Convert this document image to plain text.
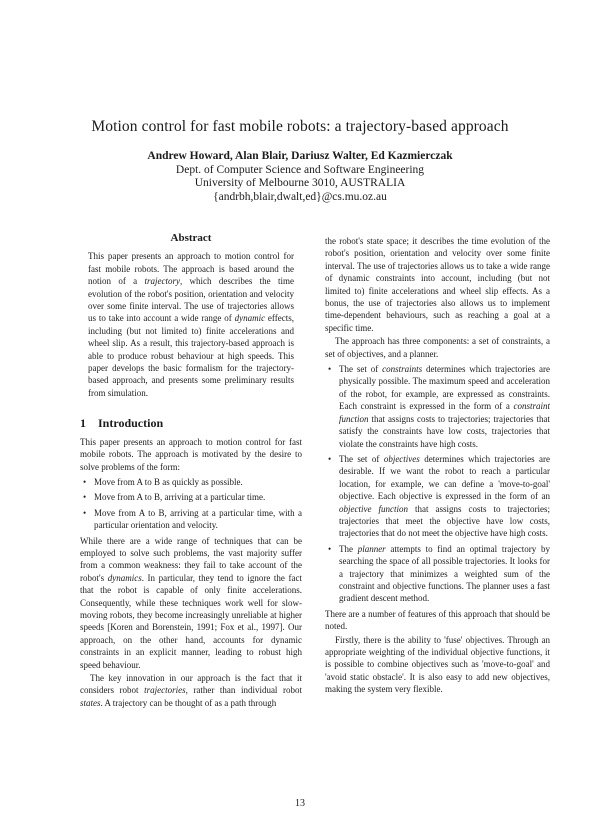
Motion control for fast mobile robots: a trajectory-based approach
Andrew Howard, Alan Blair, Dariusz Walter, Ed Kazmierczak
Dept. of Computer Science and Software Engineering
University of Melbourne 3010, AUSTRALIA
{andrbh,blair,dwalt,ed}@cs.mu.oz.au
Abstract

This paper presents an approach to motion control for fast mobile robots. The approach is based around the notion of a trajectory, which describes the time evolution of the robot's position, orientation and velocity over some finite interval. The use of trajectories allows us to take into account a wide range of dynamic effects, including (but not limited to) finite accelerations and wheel slip. As a result, this trajectory-based approach is able to produce robust behaviour at high speeds. This paper develops the basic formalism for the trajectory-based approach, and presents some preliminary results from simulation.

1 Introduction

This paper presents an approach to motion control for fast mobile robots. The approach is motivated by the desire to solve problems of the form:

• Move from A to B as quickly as possible.
• Move from A to B, arriving at a particular time.
• Move from A to B, arriving at a particular time, with a particular orientation and velocity.

While there are a wide range of techniques that can be employed to solve such problems, the vast majority suffer from a common weakness: they fail to take account of the robot's dynamics. In particular, they tend to ignore the fact that the robot is capable of only finite accelerations. Consequently, while these techniques work well for slow-moving robots, they become increasingly unreliable at higher speeds [Koren and Borenstein, 1991; Fox et al., 1997]. Our approach, on the other hand, accounts for dynamic constraints in an explicit manner, leading to robust high speed behaviour.

The key innovation in our approach is the fact that it considers robot trajectories, rather than individual robot states. A trajectory can be thought of as a path through

the robot's state space; it describes the time evolution of the robot's position, orientation and velocity over some finite interval. The use of trajectories allows us to take a wide range of dynamic constraints into account, including (but not limited to) finite accelerations and wheel slip effects. As a bonus, the use of trajectories also allows us to implement time-dependent behaviours, such as reaching a goal at a specific time.

The approach has three components: a set of constraints, a set of objectives, and a planner.

• The set of constraints determines which trajectories are physically possible. The maximum speed and acceleration of the robot, for example, are expressed as constraints. Each constraint is expressed in the form of a constraint function that assigns costs to trajectories; trajectories that satisfy the constraints have low costs, trajectories that violate the constraints have high costs.
• The set of objectives determines which trajectories are desirable. If we want the robot to reach a particular location, for example, we can define a 'move-to-goal' objective. Each objective is expressed in the form of an objective function that assigns costs to trajectories; trajectories that meet the objective have low costs, trajectories that do not meet the objective have high costs.
• The planner attempts to find an optimal trajectory by searching the space of all possible trajectories. It looks for a trajectory that minimizes a weighted sum of the constraint and objective functions. The planner uses a fast gradient descent method.

There are a number of features of this approach that should be noted.

Firstly, there is the ability to 'fuse' objectives. Through an appropriate weighting of the individual objective functions, it is possible to combine objectives such as 'move-to-goal' and 'avoid static obstacle'. It is also easy to add new objectives, making the system very flexible.

13
